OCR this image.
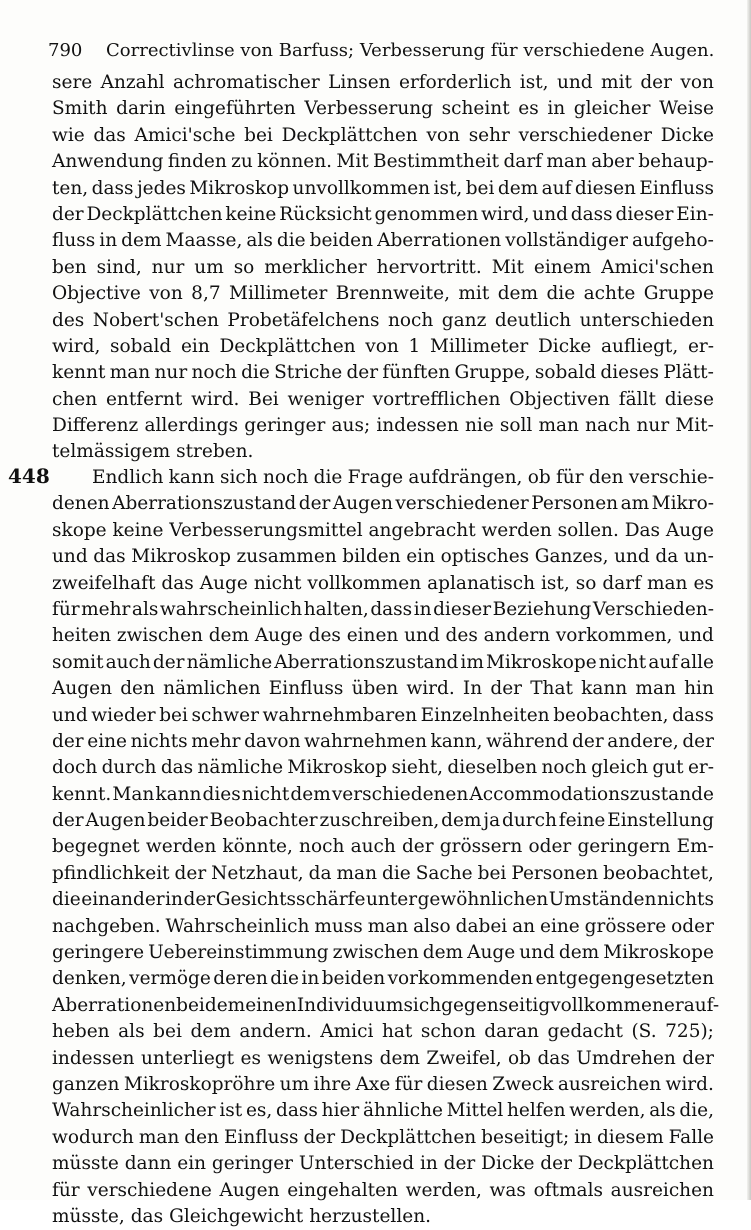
790 Correctivlinse von Barfuss; Verbesserung für verschiedene Augen.
sere Anzahl achromatischer Linsen erforderlich ist, und mit der von
Smith darin eingeführten Verbesserung scheint es in gleicher Weise
wie das Amici'sche bei Deckplättchen von sehr verschiedener Dicke
Anwendung finden zu können. Mit Bestimmtheit darf man aber behaup-
ten, dass jedes Mikroskop unvollkommen ist, bei dem auf diesen Einfluss
der Deckplättchen keine Rücksicht genommen wird, und dass dieser Ein-
fluss in dem Maasse, als die beiden Aberrationen vollständiger aufgeho-
ben sind, nur um so merklicher hervortritt. Mit einem Amici'schen
Objective von 8,7 Millimeter Brennweite, mit dem die achte Gruppe
des Nobert'schen Probetäfelchens noch ganz deutlich unterschieden
wird, sobald ein Deckplättchen von 1 Millimeter Dicke aufliegt, er-
kennt man nur noch die Striche der fünften Gruppe, sobald dieses Plätt-
chen entfernt wird. Bei weniger vortrefflichen Objectiven fällt diese
Differenz allerdings geringer aus; indessen nie soll man nach nur Mit-
telmässigem streben.
448 Endlich kann sich noch die Frage aufdrängen, ob für den verschie-
denen Aberrationszustand der Augen verschiedener Personen am Mikro-
skope keine Verbesserungsmittel angebracht werden sollen. Das Auge
und das Mikroskop zusammen bilden ein optisches Ganzes, und da un-
zweifelhaft das Auge nicht vollkommen aplanatisch ist, so darf man es
für mehr als wahrscheinlich halten, dass in dieser Beziehung Verschieden-
heiten zwischen dem Auge des einen und des andern vorkommen, und
somit auch der nämliche Aberrationszustand im Mikroskope nicht auf alle
Augen den nämlichen Einfluss üben wird. In der That kann man hin
und wieder bei schwer wahrnehmbaren Einzelnheiten beobachten, dass
der eine nichts mehr davon wahrnehmen kann, während der andere, der
doch durch das nämliche Mikroskop sieht, dieselben noch gleich gut er-
kennt. Man kann dies nicht dem verschiedenen Accommodationszustande
der Augen beider Beobachter zuschreiben, dem ja durch feine Einstellung
begegnet werden könnte, noch auch der grössern oder geringern Em-
pfindlichkeit der Netzhaut, da man die Sache bei Personen beobachtet,
die einander in der Gesichtsschärfe unter gewöhnlichen Umständen nichts
nachgeben. Wahrscheinlich muss man also dabei an eine grössere oder
geringere Uebereinstimmung zwischen dem Auge und dem Mikroskope
denken, vermöge deren die in beiden vorkommenden entgegengesetzten
Aberrationen bei dem einen Individuum sich gegenseitig vollkommener auf-
heben als bei dem andern. Amici hat schon daran gedacht (S. 725);
indessen unterliegt es wenigstens dem Zweifel, ob das Umdrehen der
ganzen Mikroskopröhre um ihre Axe für diesen Zweck ausreichen wird.
Wahrscheinlicher ist es, dass hier ähnliche Mittel helfen werden, als die,
wodurch man den Einfluss der Deckplättchen beseitigt; in diesem Falle
müsste dann ein geringer Unterschied in der Dicke der Deckplättchen
für verschiedene Augen eingehalten werden, was oftmals ausreichen
müsste, das Gleichgewicht herzustellen.
